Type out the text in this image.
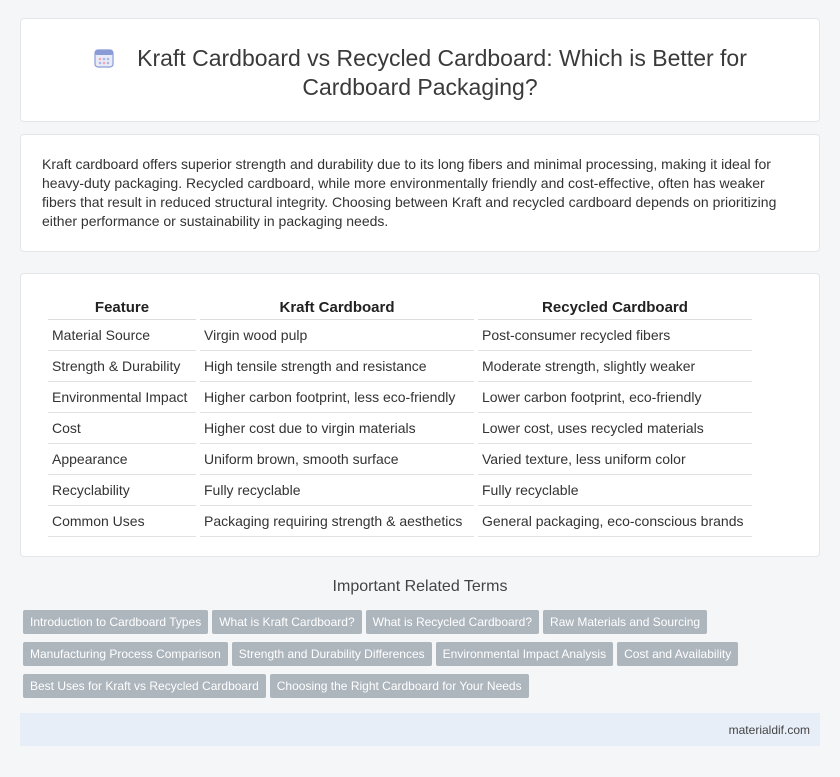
Kraft Cardboard vs Recycled Cardboard: Which is Better for
Cardboard Packaging?

Kraft cardboard offers superior strength and durability due to its long fibers and minimal processing, making it ideal for heavy-duty packaging. Recycled cardboard, while more environmentally friendly and cost-effective, often has weaker fibers that result in reduced structural integrity. Choosing between Kraft and recycled cardboard depends on prioritizing either performance or sustainability in packaging needs.

Feature	Kraft Cardboard	Recycled Cardboard
Material Source	Virgin wood pulp	Post-consumer recycled fibers
Strength & Durability	High tensile strength and resistance	Moderate strength, slightly weaker
Environmental Impact	Higher carbon footprint, less eco-friendly	Lower carbon footprint, eco-friendly
Cost	Higher cost due to virgin materials	Lower cost, uses recycled materials
Appearance	Uniform brown, smooth surface	Varied texture, less uniform color
Recyclability	Fully recyclable	Fully recyclable
Common Uses	Packaging requiring strength & aesthetics	General packaging, eco-conscious brands
Important Related Terms
Introduction to Cardboard Types What is Kraft Cardboard? What is Recycled Cardboard? Raw Materials and Sourcing
Manufacturing Process Comparison Strength and Durability Differences Environmental Impact Analysis Cost and Availability
Best Uses for Kraft vs Recycled Cardboard Choosing the Right Cardboard for Your Needs
materialdif.com
